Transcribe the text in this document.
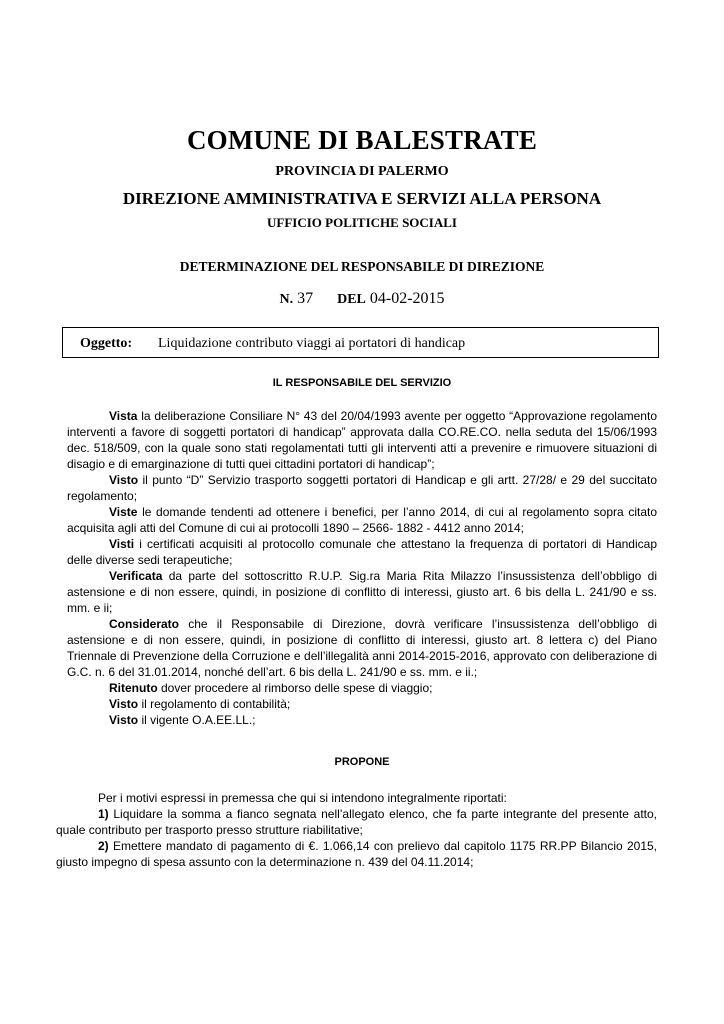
COMUNE DI BALESTRATE
PROVINCIA DI PALERMO
DIREZIONE AMMINISTRATIVA E SERVIZI ALLA PERSONA
UFFICIO POLITICHE SOCIALI
DETERMINAZIONE DEL RESPONSABILE DI DIREZIONE
N. 37 DEL 04-02-2015
Oggetto: Liquidazione contributo viaggi ai portatori di handicap
IL RESPONSABILE DEL SERVIZIO
Vista la deliberazione Consiliare N° 43 del 20/04/1993 avente per oggetto “Approvazione regolamento interventi a favore di soggetti portatori di handicap” approvata dalla CO.RE.CO. nella seduta del 15/06/1993 dec. 518/509, con la quale sono stati regolamentati tutti gli interventi atti a prevenire e rimuovere situazioni di disagio e di emarginazione di tutti quei cittadini portatori di handicap”;
Visto il punto “D” Servizio trasporto soggetti portatori di Handicap e gli artt. 27/28/ e 29 del succitato regolamento;
Viste le domande tendenti ad ottenere i benefici, per l’anno 2014, di cui al regolamento sopra citato acquisita agli atti del Comune di cui ai protocolli 1890 – 2566- 1882 - 4412 anno 2014;
Visti i certificati acquisiti al protocollo comunale che attestano la frequenza di portatori di Handicap delle diverse sedi terapeutiche;
Verificata da parte del sottoscritto R.U.P. Sig.ra Maria Rita Milazzo l’insussistenza dell’obbligo di astensione e di non essere, quindi, in posizione di conflitto di interessi, giusto art. 6 bis della L. 241/90 e ss. mm. e ii;
Considerato che il Responsabile di Direzione, dovrà verificare l’insussistenza dell’obbligo di astensione e di non essere, quindi, in posizione di conflitto di interessi, giusto art. 8 lettera c) del Piano Triennale di Prevenzione della Corruzione e dell’illegalità anni 2014-2015-2016, approvato con deliberazione di G.C. n. 6 del 31.01.2014, nonché dell’art. 6 bis della L. 241/90 e ss. mm. e ii.;
Ritenuto dover procedere al rimborso delle spese di viaggio;
Visto il regolamento di contabilità;
Visto il vigente O.A.EE.LL.;
PROPONE
Per i motivi espressi in premessa che qui si intendono integralmente riportati:
1) Liquidare la somma a fianco segnata nell’allegato elenco, che fa parte integrante del presente atto, quale contributo per trasporto presso strutture riabilitative;
2) Emettere mandato di pagamento di €. 1.066,14 con prelievo dal capitolo 1175 RR.PP Bilancio 2015, giusto impegno di spesa assunto con la determinazione n. 439 del 04.11.2014;
